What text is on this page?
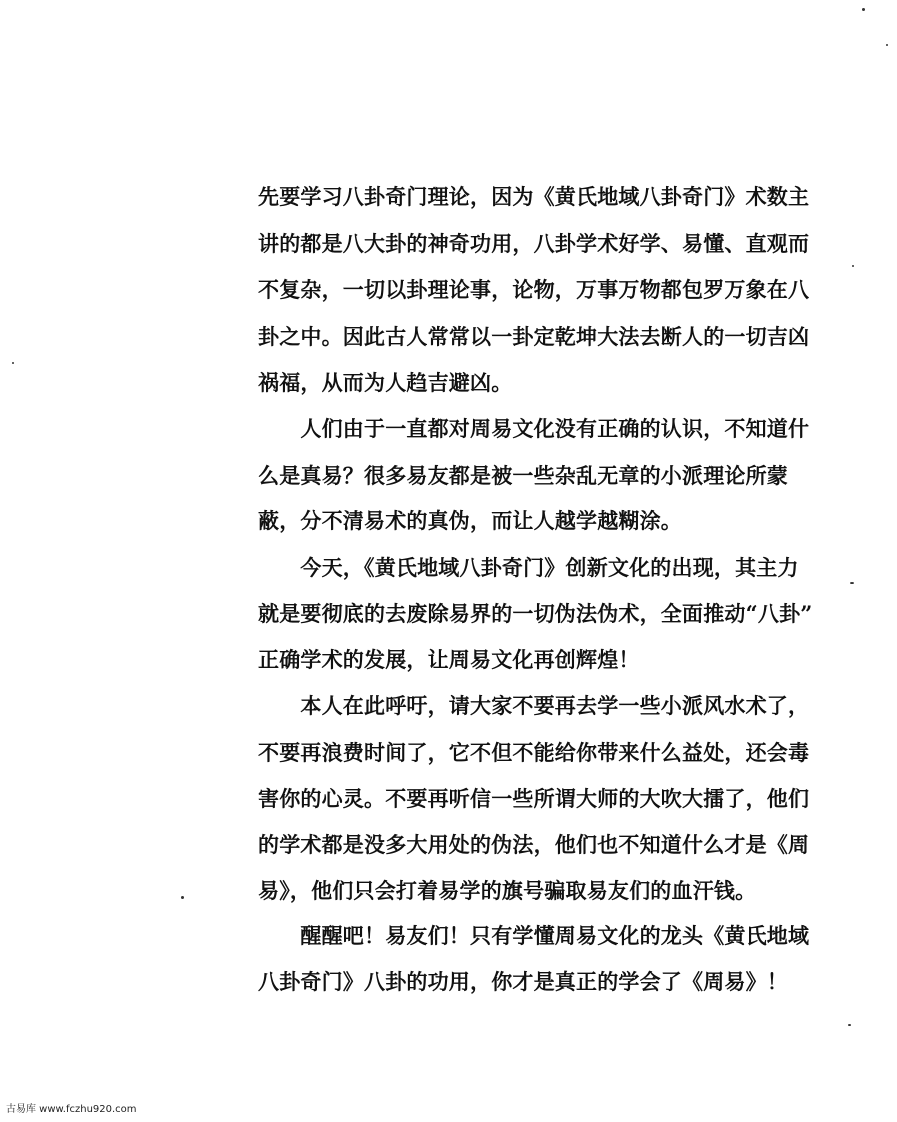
先要学习八卦奇门理论，因为《黄氏地域八卦奇门》术数主
讲的都是八大卦的神奇功用，八卦学术好学、易懂、直观而
不复杂，一切以卦理论事，论物，万事万物都包罗万象在八
卦之中。因此古人常常以一卦定乾坤大法去断人的一切吉凶
祸福，从而为人趋吉避凶。
　　人们由于一直都对周易文化没有正确的认识，不知道什
么是真易？很多易友都是被一些杂乱无章的小派理论所蒙
蔽，分不清易术的真伪，而让人越学越糊涂。
　　今天，《黄氏地域八卦奇门》创新文化的出现，其主力
就是要彻底的去废除易界的一切伪法伪术，全面推动“八卦”
正确学术的发展，让周易文化再创辉煌！
　　本人在此呼吁，请大家不要再去学一些小派风水术了，
不要再浪费时间了，它不但不能给你带来什么益处，还会毒
害你的心灵。不要再听信一些所谓大师的大吹大擂了，他们
的学术都是没多大用处的伪法，他们也不知道什么才是《周
易》，他们只会打着易学的旗号骗取易友们的血汗钱。
　　醒醒吧！易友们！只有学懂周易文化的龙头《黄氏地域
八卦奇门》八卦的功用，你才是真正的学会了《周易》！
古易库 www.fczhu920.com
